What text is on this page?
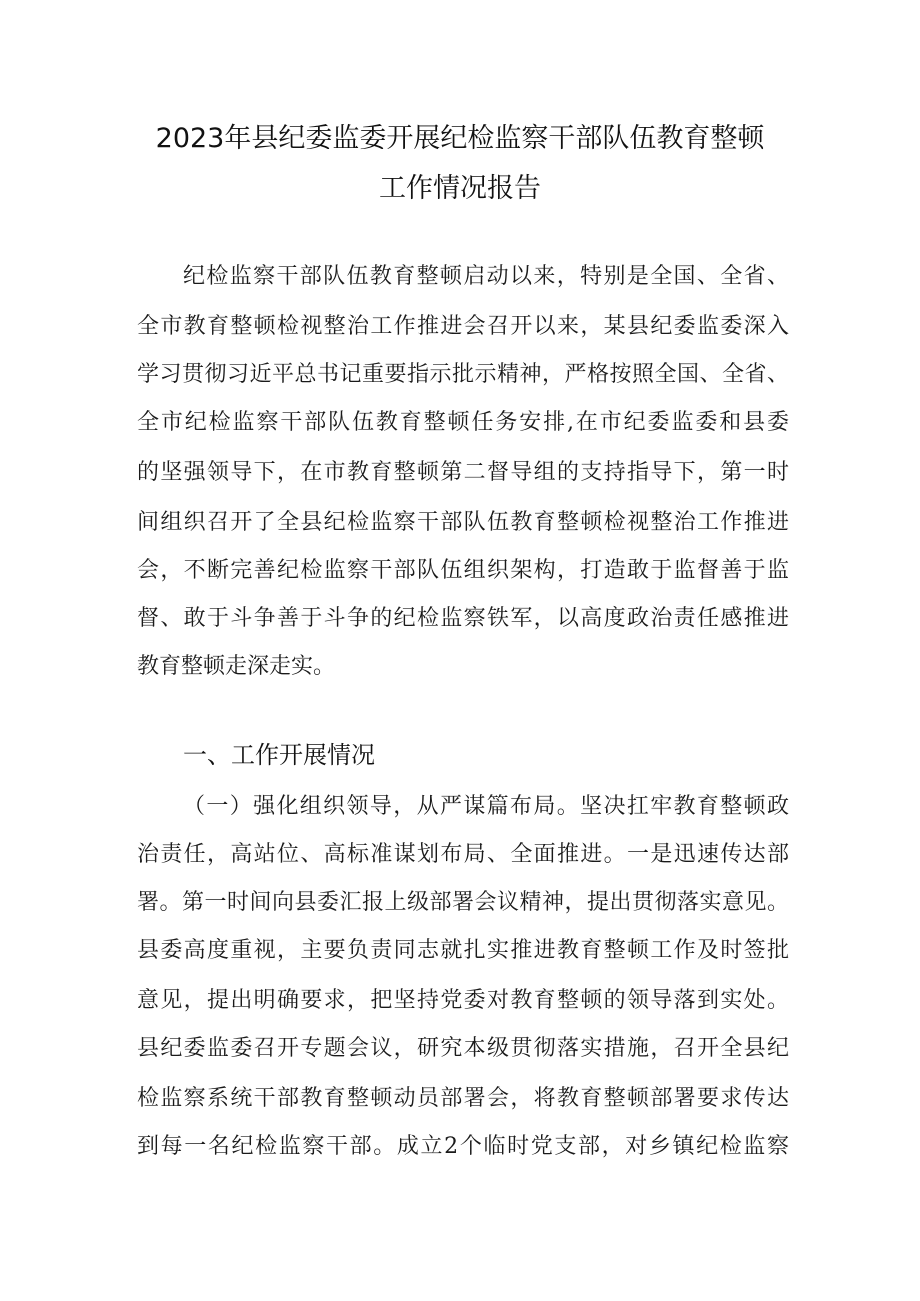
2023年县纪委监委开展纪检监察干部队伍教育整顿
工作情况报告
纪检监察干部队伍教育整顿启动以来，特别是全国、全省、
全市教育整顿检视整治工作推进会召开以来，某县纪委监委深入
学习贯彻习近平总书记重要指示批示精神，严格按照全国、全省、
全市纪检监察干部队伍教育整顿任务安排,在市纪委监委和县委
的坚强领导下，在市教育整顿第二督导组的支持指导下，第一时
间组织召开了全县纪检监察干部队伍教育整顿检视整治工作推进
会，不断完善纪检监察干部队伍组织架构，打造敢于监督善于监
督、敢于斗争善于斗争的纪检监察铁军，以高度政治责任感推进
教育整顿走深走实。
一、工作开展情况
（一）强化组织领导，从严谋篇布局。坚决扛牢教育整顿政
治责任，高站位、高标准谋划布局、全面推进。一是迅速传达部
署。第一时间向县委汇报上级部署会议精神，提出贯彻落实意见。
县委高度重视，主要负责同志就扎实推进教育整顿工作及时签批
意见，提出明确要求，把坚持党委对教育整顿的领导落到实处。
县纪委监委召开专题会议，研究本级贯彻落实措施，召开全县纪
检监察系统干部教育整顿动员部署会，将教育整顿部署要求传达
到每一名纪检监察干部。成立2个临时党支部，对乡镇纪检监察
